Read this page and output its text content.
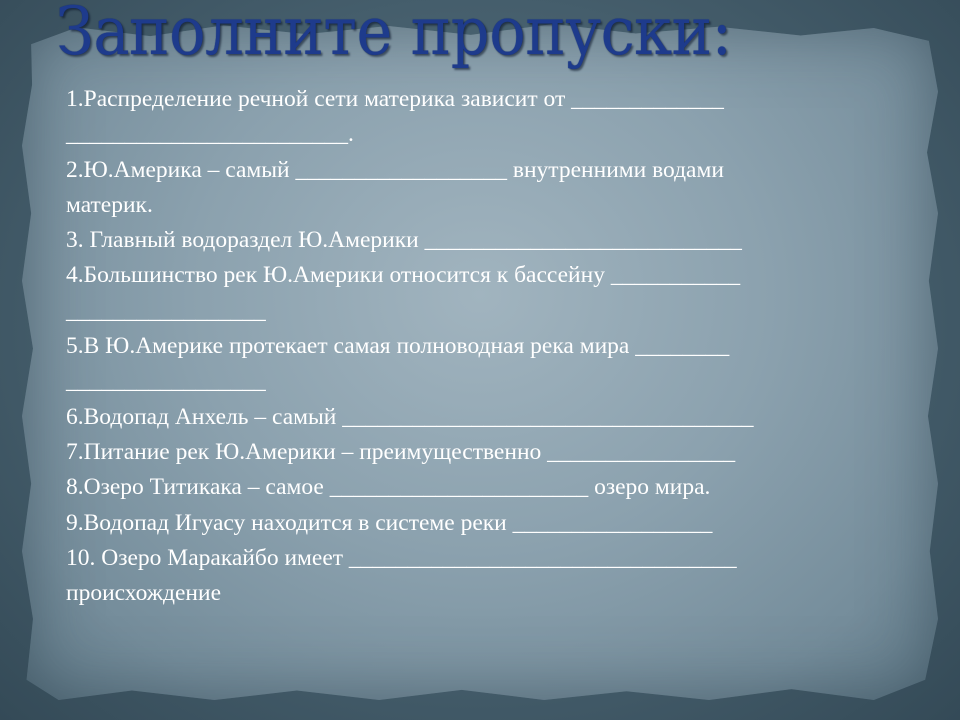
Заполните пропуски:
1.Распределение речной сети материка зависит от _____________
________________________.
2.Ю.Америка – самый __________________ внутренними водами
материк.
3. Главный водораздел Ю.Америки ___________________________
4.Большинство рек Ю.Америки относится к бассейну ___________
_________________
5.В Ю.Америке протекает самая полноводная река мира ________
_________________
6.Водопад Анхель – самый ___________________________________
7.Питание рек Ю.Америки – преимущественно ________________
8.Озеро Титикака – самое ______________________ озеро мира.
9.Водопад Игуасу находится в системе реки _________________
10. Озеро Маракайбо имеет _________________________________
происхождение
